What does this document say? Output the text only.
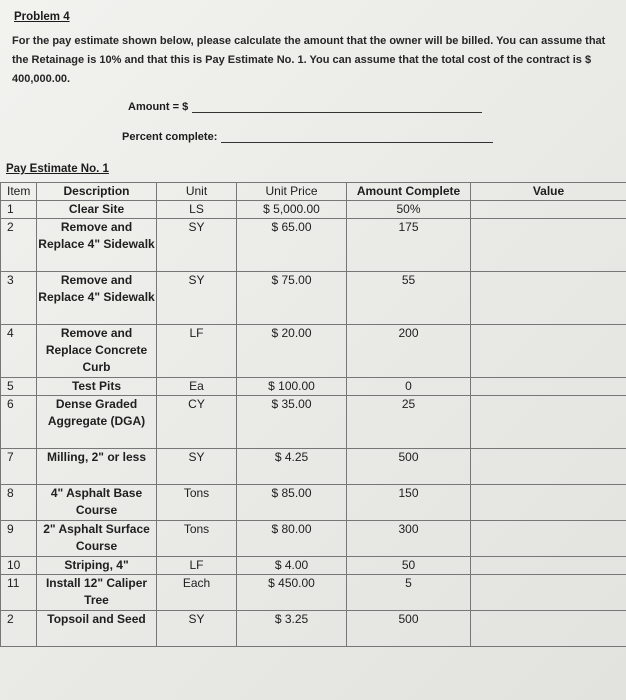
Problem 4
For the pay estimate shown below, please calculate the amount that the owner will be billed. You can assume that the Retainage is 10% and that this is Pay Estimate No. 1. You can assume that the total cost of the contract is $ 400,000.00.
Amount = $
Percent complete:
Pay Estimate No. 1
Item	Description	Unit	Unit Price	Amount Complete	Value
1	Clear Site	LS	$ 5,000.00	50%	
2	Remove and Replace 4" Sidewalk	SY	$ 65.00	175	
3	Remove and Replace 4" Sidewalk	SY	$ 75.00	55	
4	Remove and Replace Concrete Curb	LF	$ 20.00	200	
5	Test Pits	Ea	$ 100.00	0	
6	Dense Graded Aggregate (DGA)	CY	$ 35.00	25	
7	Milling, 2" or less	SY	$ 4.25	500	
8	4" Asphalt Base Course	Tons	$ 85.00	150	
9	2" Asphalt Surface Course	Tons	$ 80.00	300	
10	Striping, 4"	LF	$ 4.00	50	
11	Install 12" Caliper Tree	Each	$ 450.00	5	
2	Topsoil and Seed	SY	$ 3.25	500	
